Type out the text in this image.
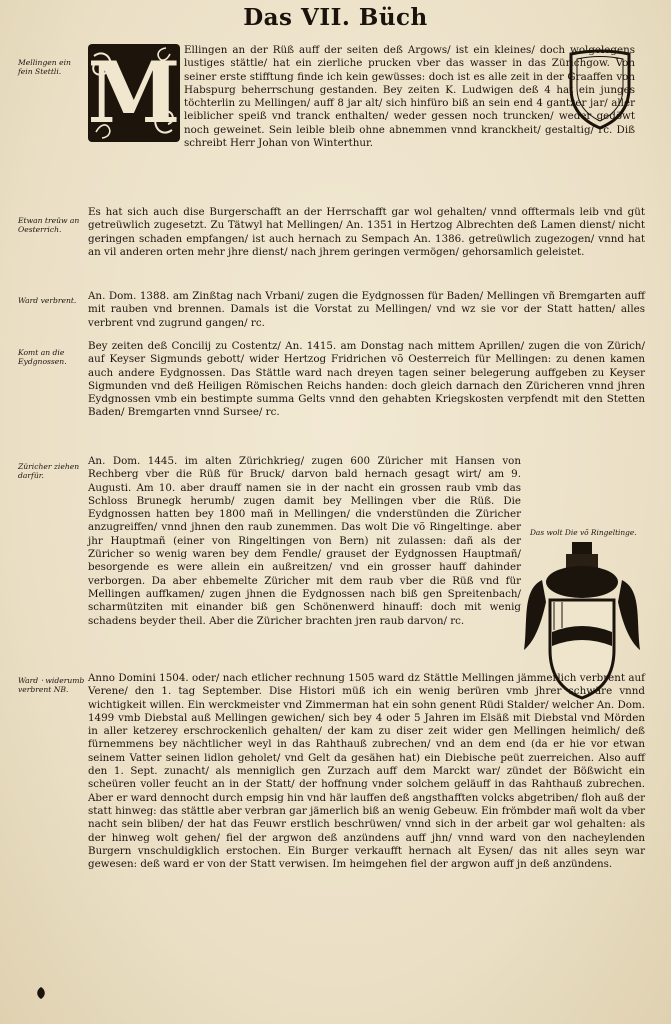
Das VII. Büch
M
Mellingen ein fein Stettli.
Etwan treüw an Oesterrich.
Ward verbrent.
Komt an die Eydgnossen.
Züricher ziehen darfür.
Ward ‧ widerumb verbrent NB.

Ellingen an der Rüß auff der seiten deß Argows/ ist ein kleines/ doch wolgelegens lustiges stättle/ hat ein zierliche prucken vber das wasser in das Zürichgow. Von seiner erste stifftung finde ich kein gewüsses: doch ist es alle zeit in der Graaffen von Habspurg beherrschung gestanden. Bey zeiten K. Ludwigen deß 4 hat ein junges töchterlin zu Mellingen/ auff 8 jar alt/ sich hinfüro biß an sein end 4 gantzer jar/ aller leiblicher speiß vnd tranck enthalten/ weder gessen noch truncken/ weder gedöwt noch geweinet. Sein leible bleib ohne abnemmen vnnd kranckheit/ gestaltig/ rc. Diß schreibt Herr Johan von Winterthur.

Es hat sich auch dise Burgerschafft an der Herrschafft gar wol gehalten/ vnnd offtermals leib vnd güt getreüwlich zugesetzt. Zu Tätwyl hat Mellingen/ An. 1351 in Hertzog Albrechten deß Lamen dienst/ nicht geringen schaden empfangen/ ist auch hernach zu Sempach An. 1386. getreüwlich zugezogen/ vnnd hat an vil anderen orten mehr jhre dienst/ nach jhrem geringen vermögen/ gehorsamlich geleistet.

An. Dom. 1388. am Zinßtag nach Vrbani/ zugen die Eydgnossen für Baden/ Mellingen vñ Bremgarten auff mit rauben vnd brennen. Damals ist die Vorstat zu Mellingen/ vnd wz sie vor der Statt hatten/ alles verbrent vnd zugrund gangen/ rc.

Bey zeiten deß Concilij zu Costentz/ An. 1415. am Donstag nach mittem Aprillen/ zugen die von Zürich/ auf Keyser Sigmunds gebott/ wider Hertzog Fridrichen võ Oesterreich für Mellingen: zu denen kamen auch andere Eydgnossen. Das Stättle ward nach dreyen tagen seiner belegerung auffgeben zu Keyser Sigmunden vnd deß Heiligen Römischen Reichs handen: doch gleich darnach den Züricheren vnnd jhren Eydgnossen vmb ein bestimpte summa Gelts vnnd den gehabten Kriegskosten verpfendt mit den Stetten Baden/ Bremgarten vnnd Sursee/ rc.

An. Dom. 1445. im alten Zürichkrieg/ zugen 600 Züricher mit Hansen von Rechberg vber die Rüß für Bruck/ darvon bald hernach gesagt wirt/ am 9. Augusti. Am 10. aber drauff namen sie in der nacht ein grossen raub vmb das Schloss Brunegk herumb/ zugen damit bey Mellingen vber die Rüß. Die Eydgnossen hatten bey 1800 mañ in Mellingen/ die vnderstünden die Züricher anzugreiffen/ vnnd jhnen den raub zunemmen. Das wolt Die võ Ringeltinge. aber jhr Hauptmañ (einer von Ringeltingen von Bern) nit zulassen: dañ als der Züricher so wenig waren bey dem Fendle/ grauset der Eydgnossen Hauptmañ/ besorgende es were allein ein außreitzen/ vnd ein grosser hauff dahinder verborgen. Da aber ehbemelte Züricher mit dem raub vber die Rüß vnd für Mellingen auffkamen/ zugen jhnen die Eydgnossen nach biß gen Spreitenbach/ scharmütziten mit einander biß gen Schönenwerd hinauff: doch mit wenig schadens beyder theil. Aber die Züricher brachten jren raub darvon/ rc.

Das wolt Die võ Ringeltinge.

Anno Domini 1504. oder/ nach etlicher rechnung 1505 ward dz Stättle Mellingen jämmerlich verbrent auf Verene/ den 1. tag September. Dise Histori müß ich ein wenig berüren vmb jhrer schwäre vnnd wichtigkeit willen. Ein werckmeister vnd Zimmerman hat ein sohn genent Rüdi Stalder/ welcher An. Dom. 1499 vmb Diebstal auß Mellingen gewichen/ sich bey 4 oder 5 Jahren im Elsäß mit Diebstal vnd Mörden in aller ketzerey erschrockenlich gehalten/ der kam zu diser zeit wider gen Mellingen heimlich/ deß fürnemmens bey nächtlicher weyl in das Rahthauß zubrechen/ vnd an dem end (da er hie vor etwan seinem Vatter seinen lidlon geholet/ vnd Gelt da gesähen hat) ein Diebische peüt zuerreichen. Also auff den 1. Sept. zunacht/ als menniglich gen Zurzach auff dem Marckt war/ zündet der Bößwicht ein scheüren voller feucht an in der Statt/ der hoffnung vnder solchem geläuff in das Rahthauß zubrechen. Aber er ward dennocht durch empsig hin vnd här lauffen deß angsthafften volcks abgetriben/ floh auß der statt hinweg: das stättle aber verbran gar jämerlich biß an wenig Gebeuw. Ein frömbder mañ wolt da vber nacht sein bliben/ der hat das Feuwr erstlich beschrüwen/ vnnd sich in der arbeit gar wol gehalten: als der hinweg wolt gehen/ fiel der argwon deß anzündens auff jhn/ vnnd ward von den nacheylenden Burgern vnschuldigklich erstochen. Ein Burger verkaufft hernach alt Eysen/ das nit alles seyn war gewesen: deß ward er von der Statt verwisen. Im heimgehen fiel der argwon auff jn deß anzündens.
